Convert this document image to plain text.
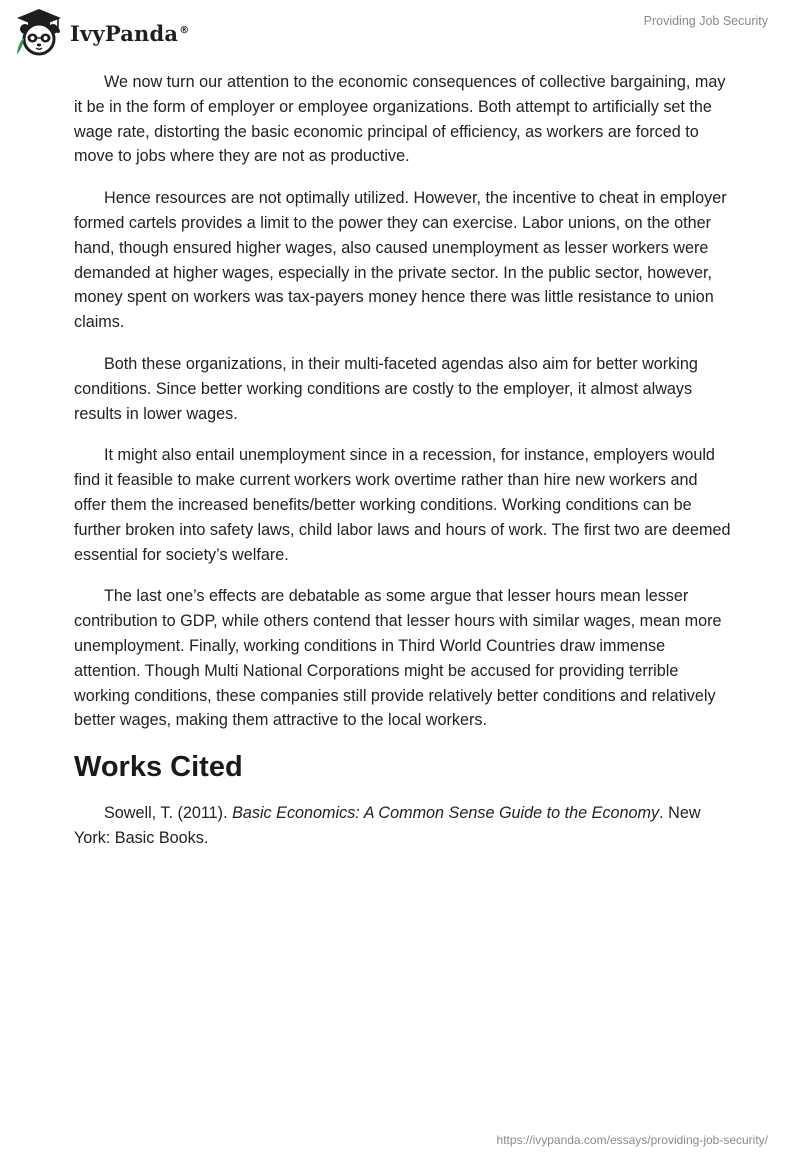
IvyPanda®
Providing Job Security

We now turn our attention to the economic consequences of collective bargaining, may it be in the form of employer or employee organizations. Both attempt to artificially set the wage rate, distorting the basic economic principal of efficiency, as workers are forced to move to jobs where they are not as productive.

Hence resources are not optimally utilized. However, the incentive to cheat in employer formed cartels provides a limit to the power they can exercise. Labor unions, on the other hand, though ensured higher wages, also caused unemployment as lesser workers were demanded at higher wages, especially in the private sector. In the public sector, however, money spent on workers was tax-payers money hence there was little resistance to union claims.

Both these organizations, in their multi-faceted agendas also aim for better working conditions. Since better working conditions are costly to the employer, it almost always results in lower wages.

It might also entail unemployment since in a recession, for instance, employers would find it feasible to make current workers work overtime rather than hire new workers and offer them the increased benefits/better working conditions. Working conditions can be further broken into safety laws, child labor laws and hours of work. The first two are deemed essential for society’s welfare.

The last one’s effects are debatable as some argue that lesser hours mean lesser contribution to GDP, while others contend that lesser hours with similar wages, mean more unemployment. Finally, working conditions in Third World Countries draw immense attention. Though Multi National Corporations might be accused for providing terrible working conditions, these companies still provide relatively better conditions and relatively better wages, making them attractive to the local workers.

Works Cited

Sowell, T. (2011). Basic Economics: A Common Sense Guide to the Economy. New York: Basic Books.

https://ivypanda.com/essays/providing-job-security/
